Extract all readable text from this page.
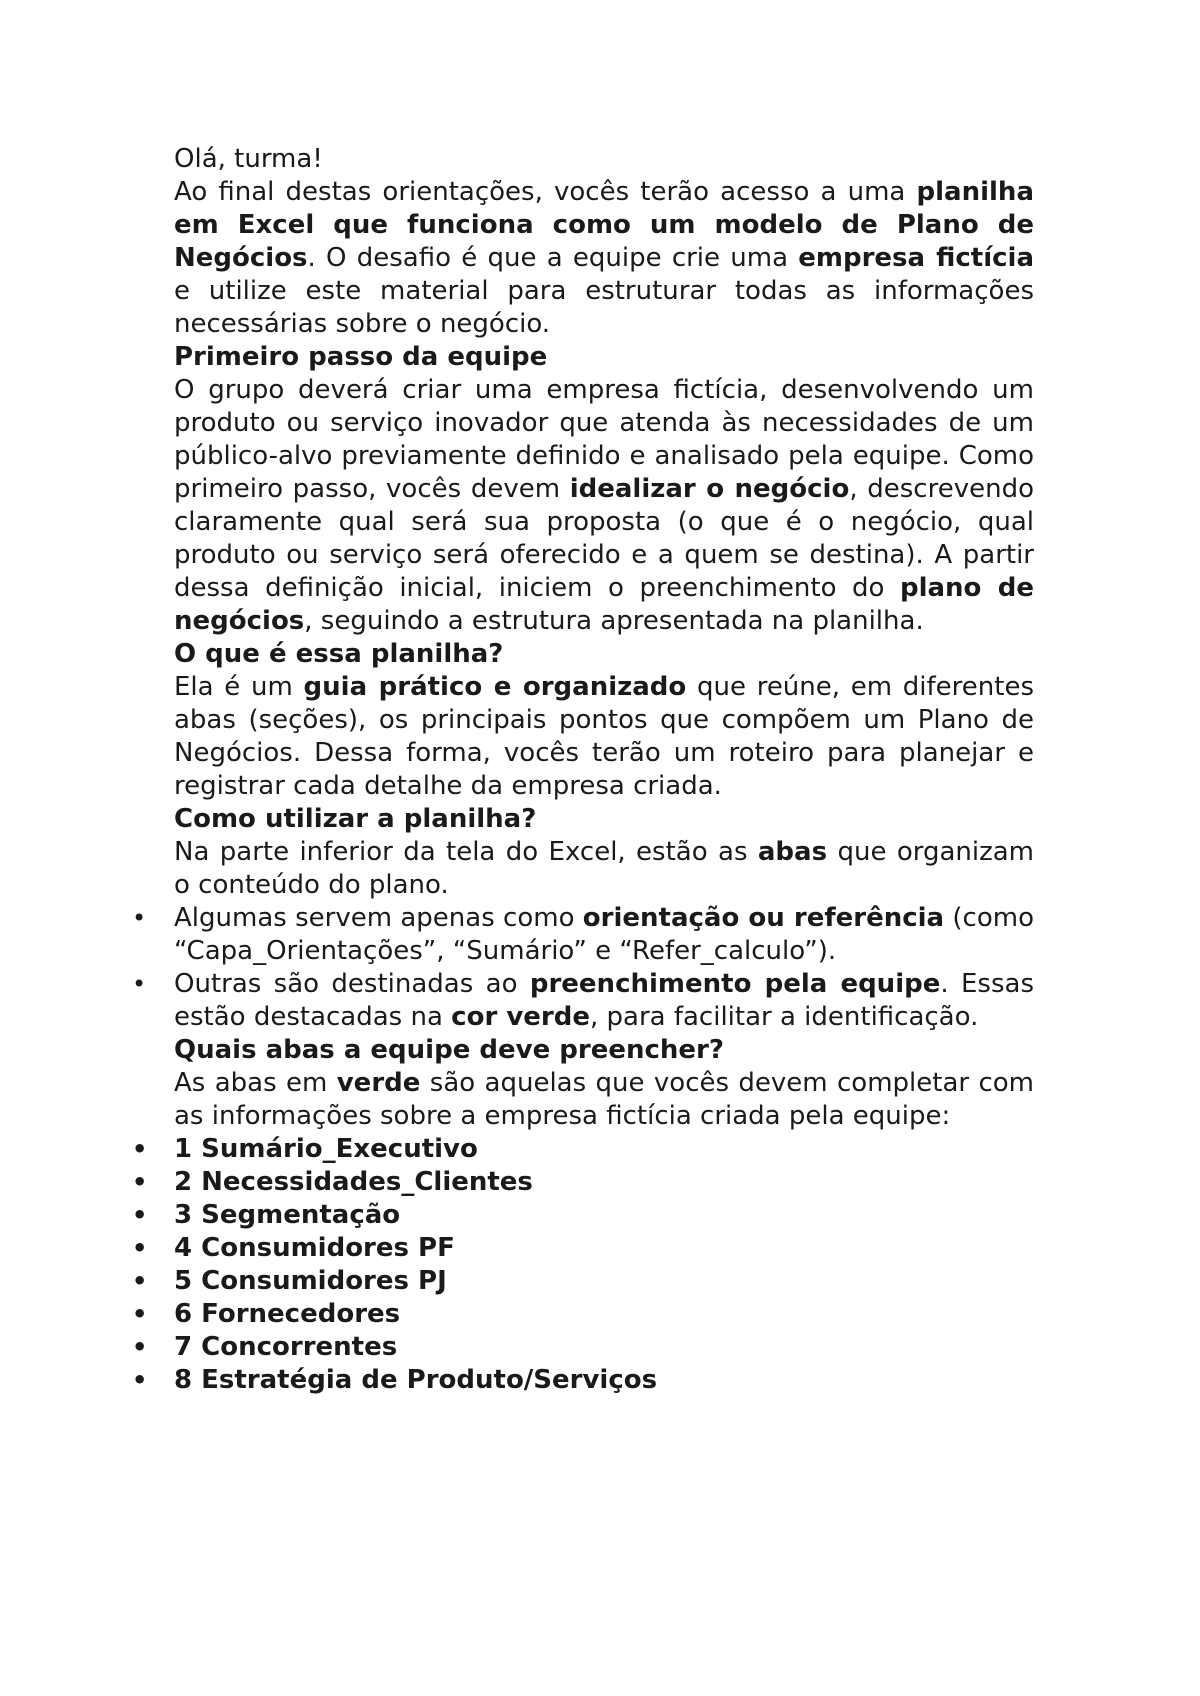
Olá, turma!

Ao final destas orientações, vocês terão acesso a uma planilha em Excel que funciona como um modelo de Plano de Negócios. O desafio é que a equipe crie uma empresa fictícia e utilize este material para estruturar todas as informações necessárias sobre o negócio.

Primeiro passo da equipe

O grupo deverá criar uma empresa fictícia, desenvolvendo um produto ou serviço inovador que atenda às necessidades de um público-alvo previamente definido e analisado pela equipe. Como primeiro passo, vocês devem idealizar o negócio, descrevendo claramente qual será sua proposta (o que é o negócio, qual produto ou serviço será oferecido e a quem se destina). A partir dessa definição inicial, iniciem o preenchimento do plano de negócios, seguindo a estrutura apresentada na planilha.

O que é essa planilha?

Ela é um guia prático e organizado que reúne, em diferentes abas (seções), os principais pontos que compõem um Plano de Negócios. Dessa forma, vocês terão um roteiro para planejar e registrar cada detalhe da empresa criada.

Como utilizar a planilha?

Na parte inferior da tela do Excel, estão as abas que organizam o conteúdo do plano.

• Algumas servem apenas como orientação ou referência (como “Capa_Orientações”, “Sumário” e “Refer_calculo”).

• Outras são destinadas ao preenchimento pela equipe. Essas estão destacadas na cor verde, para facilitar a identificação.

Quais abas a equipe deve preencher?

As abas em verde são aquelas que vocês devem completar com as informações sobre a empresa fictícia criada pela equipe:

• 1 Sumário_Executivo

• 2 Necessidades_Clientes

• 3 Segmentação

• 4 Consumidores PF

• 5 Consumidores PJ

• 6 Fornecedores

• 7 Concorrentes

• 8 Estratégia de Produto/Serviços
